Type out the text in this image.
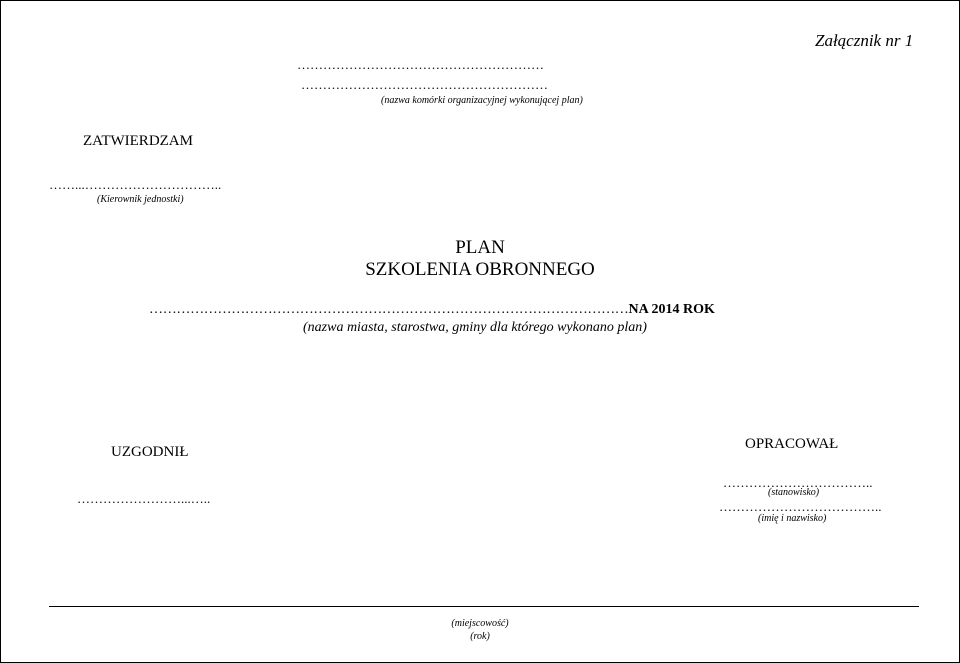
Załącznik nr 1
…………………………………………………
…………………………………………………
(nazwa komórki organizacyjnej wykonującej plan)
ZATWIERDZAM
……...…………………………..
(Kierownik jednostki)
PLAN
SZKOLENIA OBRONNEGO
……………………………………………………………………………………………NA 2014 ROK
(nazwa miasta, starostwa, gminy dla którego wykonano plan)
UZGODNIŁ
……………………...…..
OPRACOWAŁ
……………………………..
(stanowisko)
………………………………..
(imię i nazwisko)
(miejscowość)
(rok)
